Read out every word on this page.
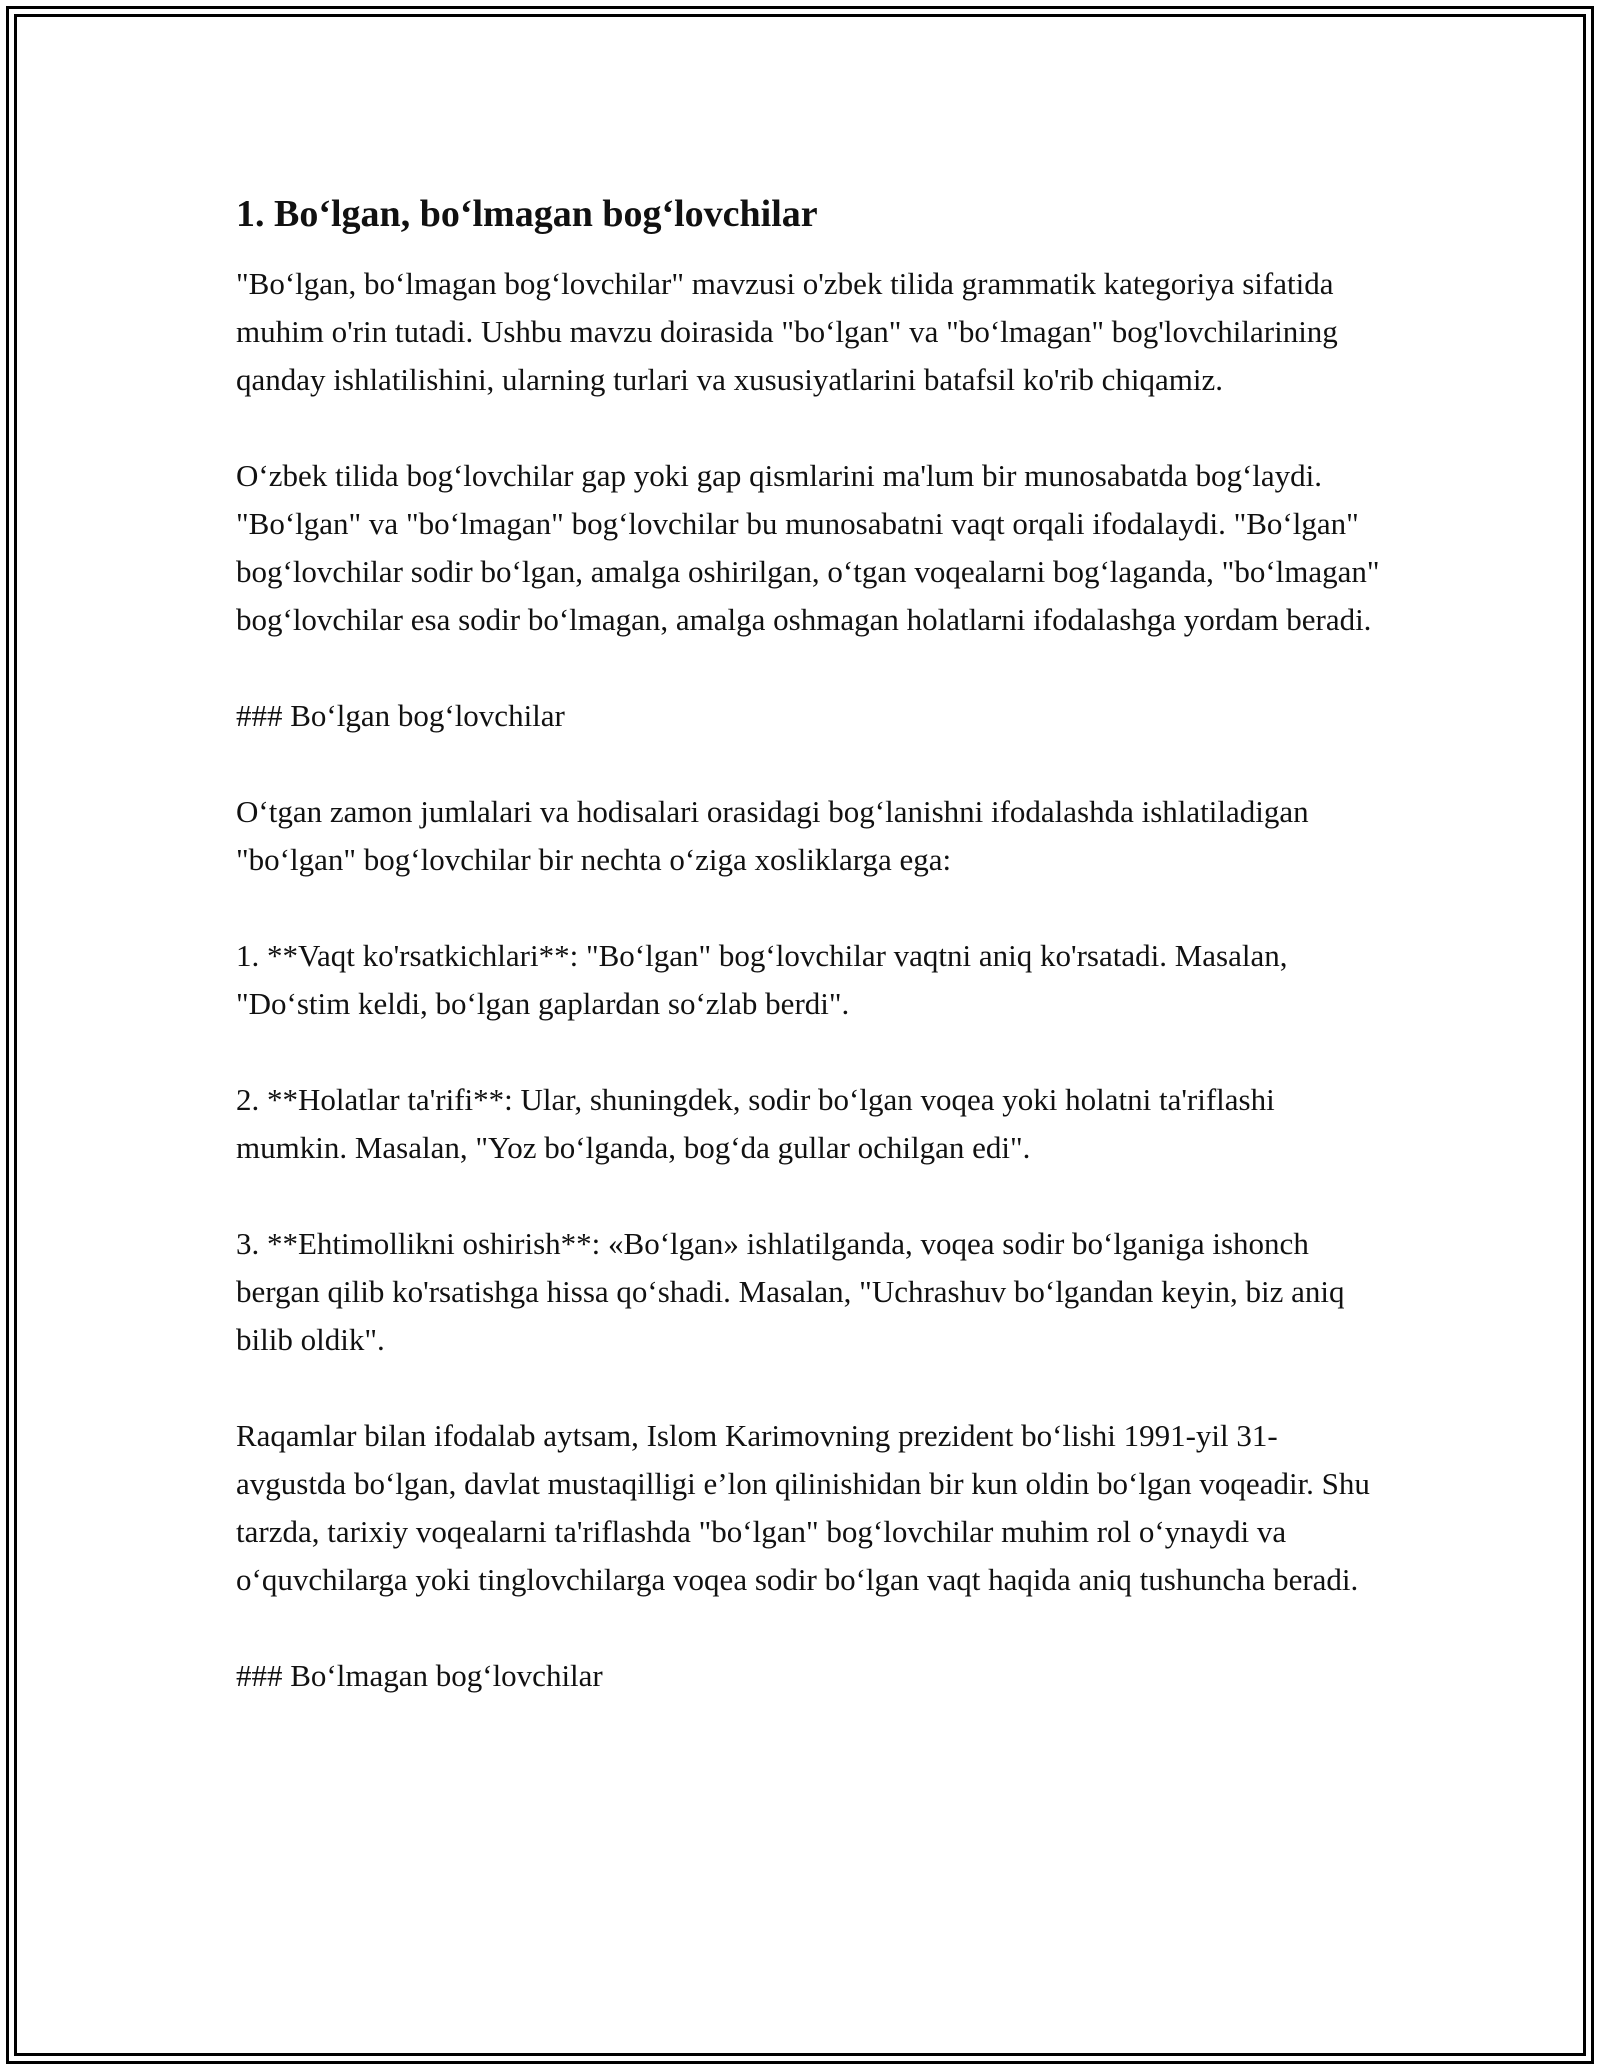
1. Bo‘lgan, bo‘lmagan bog‘lovchilar

"Bo‘lgan, bo‘lmagan bog‘lovchilar" mavzusi o'zbek tilida grammatik kategoriya sifatida muhim o'rin tutadi. Ushbu mavzu doirasida "bo‘lgan" va "bo‘lmagan" bog'lovchilarining qanday ishlatilishini, ularning turlari va xususiyatlarini batafsil ko'rib chiqamiz.

O‘zbek tilida bog‘lovchilar gap yoki gap qismlarini ma'lum bir munosabatda bog‘laydi. "Bo‘lgan" va "bo‘lmagan" bog‘lovchilar bu munosabatni vaqt orqali ifodalaydi. "Bo‘lgan" bog‘lovchilar sodir bo‘lgan, amalga oshirilgan, o‘tgan voqealarni bog‘laganda, "bo‘lmagan" bog‘lovchilar esa sodir bo‘lmagan, amalga oshmagan holatlarni ifodalashga yordam beradi.

### Bo‘lgan bog‘lovchilar

O‘tgan zamon jumlalari va hodisalari orasidagi bog‘lanishni ifodalashda ishlatiladigan "bo‘lgan" bog‘lovchilar bir nechta o‘ziga xosliklarga ega:

1. **Vaqt ko'rsatkichlari**: "Bo‘lgan" bog‘lovchilar vaqtni aniq ko'rsatadi. Masalan, "Do‘stim keldi, bo‘lgan gaplardan so‘zlab berdi".

2. **Holatlar ta'rifi**: Ular, shuningdek, sodir bo‘lgan voqea yoki holatni ta'riflashi mumkin. Masalan, "Yoz bo‘lganda, bog‘da gullar ochilgan edi".

3. **Ehtimollikni oshirish**: «Bo‘lgan» ishlatilganda, voqea sodir bo‘lganiga ishonch bergan qilib ko'rsatishga hissa qo‘shadi. Masalan, "Uchrashuv bo‘lgandan keyin, biz aniq bilib oldik".

Raqamlar bilan ifodalab aytsam, Islom Karimovning prezident bo‘lishi 1991-yil 31-avgustda bo‘lgan, davlat mustaqilligi e’lon qilinishidan bir kun oldin bo‘lgan voqeadir. Shu tarzda, tarixiy voqealarni ta'riflashda "bo‘lgan" bog‘lovchilar muhim rol o‘ynaydi va o‘quvchilarga yoki tinglovchilarga voqea sodir bo‘lgan vaqt haqida aniq tushuncha beradi.

### Bo‘lmagan bog‘lovchilar
